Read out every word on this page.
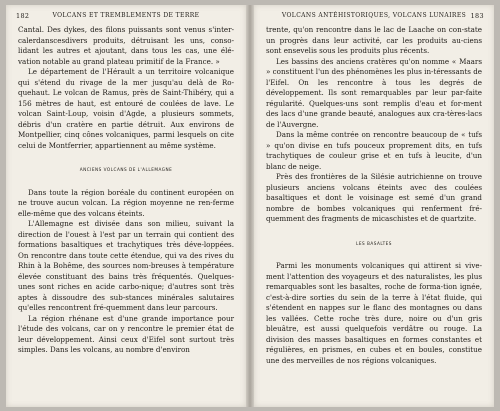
182	VOLCANS ET TREMBLEMENTS DE TERRE

Cantal. Des dykes, des filons puissants sont venus s'inter-calerdanscesdivers produits, détruisant les uns, conso-lidant les autres et ajoutant, dans tous les cas, une élé-vation notable au grand plateau primitif de la France. »

Le département de l'Hérault a un territoire volcanique qui s'étend du rivage de la mer jusqu'au delà de Ro-quehaut. Le volcan de Ramus, près de Saint-Thibéry, qui a 156 mètres de haut, est entouré de coulées de lave. Le volcan Saint-Loup, voisin d'Agde, a plusieurs sommets, débris d'un cratère en partie détruit. Aux environs de Montpellier, cinq cônes volcaniques, parmi lesquels on cite celui de Montferrier, appartiennent au même système.

ANCIENS VOLCANS DE L'ALLEMAGNE

Dans toute la région boréale du continent européen on ne trouve aucun volcan. La région moyenne ne ren-ferme elle-même que des volcans éteints.

L'Allemagne est divisée dans son milieu, suivant la direction de l'ouest à l'est par un terrain qui contient des formations basaltiques et trachytiques très déve-loppées. On rencontre dans toute cette étendue, qui va des rives du Rhin à la Bohême, des sources nom-breuses à température élevée constituant des bains très fréquentés. Quelques-unes sont riches en acide carbo-nique; d'autres sont très aptes à dissoudre des sub-stances minérales salutaires qu'elles rencontrent fré-quemment dans leur parcours.

La région rhénane est d'une grande importance pour l'étude des volcans, car on y rencontre le premier état de leur développement. Ainsi ceux d'Eifel sont surtout très simples. Dans les volcans, au nombre d'environ

VOLCANS ANTÉHISTORIQUES, VOLCANS LUNAIRES 183

trente, qu'on rencontre dans le lac de Laache on con-state un progrès dans leur activité, car les produits au-ciens sont ensevelis sous les produits plus récents.

Les bassins des anciens cratères qu'on nomme « Maars » constituent l'un des phénomènes les plus in-téressants de l'Eifel. On les rencontre à tous les degrés de développement. Ils sont remarquables par leur par-faite régularité. Quelques-uns sont remplis d'eau et for-ment des lacs d'une grande beauté, analogues aux cra-tères-lacs de l'Auvergne.

Dans la même contrée on rencontre beaucoup de « tufs » qu'on divise en tufs pouceux proprement dits, en tufs trachytiques de couleur grise et en tufs à leucite, d'un blanc de neige.

Près des frontières de la Silésie autrichienne on trouve plusieurs anciens volcans éteints avec des coulées basaltiques et dont le voisinage est semé d'un grand nombre de bombes volcaniques qui renferment fré-quemment des fragments de micaschistes et de quartzite.

LES BASALTES

Parmi les monuments volcaniques qui attirent si vive-ment l'attention des voyageurs et des naturalistes, les plus remarquables sont les basaltes, roche de forma-tion ignée, c'est-à-dire sorties du sein de la terre à l'état fluide, qui s'étendent en nappes sur le flanc des montagnes ou dans les vallées. Cette roche très dure, noire ou d'un gris bleuâtre, est aussi quelquefois verdâtre ou rouge. La division des masses basaltiques en formes constantes et régulières, en prismes, en cubes et en boules, constitue une des merveilles de nos régions volcaniques.
